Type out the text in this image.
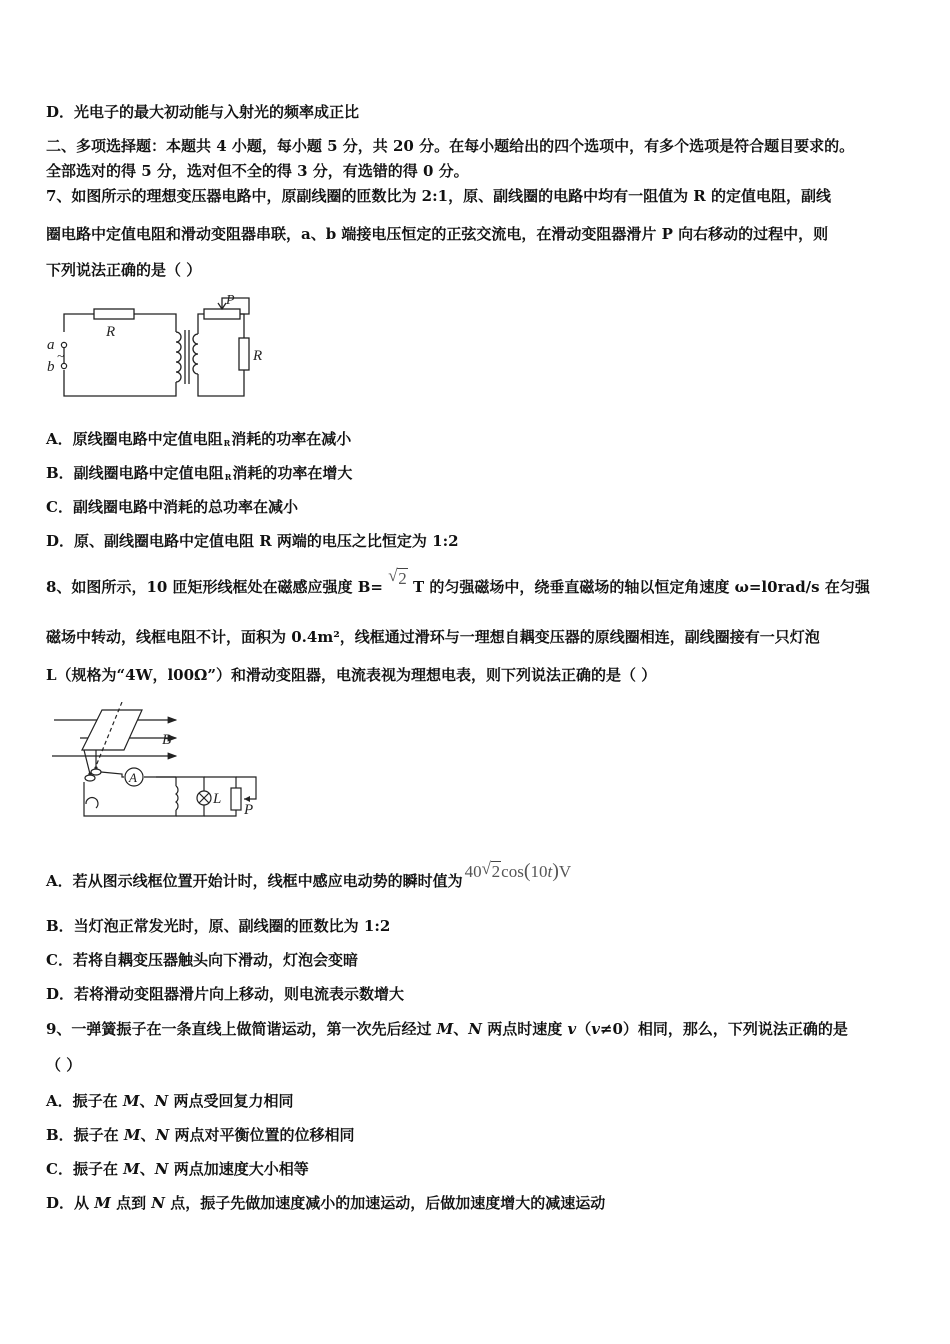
D．光电子的最大初动能与入射光的频率成正比
二、多项选择题：本题共 4 小题，每小题 5 分，共 20 分。在每小题给出的四个选项中，有多个选项是符合题目要求的。
全部选对的得 5 分，选对但不全的得 3 分，有选错的得 0 分。
7、如图所示的理想变压器电路中，原副线圈的匝数比为 2:1，原、副线圈的电路中均有一阻值为 R 的定值电阻，副线
圈电路中定值电阻和滑动变阻器串联，a、b 端接电压恒定的正弦交流电，在滑动变阻器滑片 P 向右移动的过程中，则
下列说法正确的是（ ）
R
a
b
~
P
R
A．原线圈电路中定值电阻$_R$消耗的功率在减小
B．副线圈电路中定值电阻$_R$消耗的功率在增大
C．副线圈电路中消耗的总功率在减小
D．原、副线圈电路中定值电阻 R 两端的电压之比恒定为 1:2
8、如图所示，10 匝矩形线框处在磁感应强度 B=
√ 2 T 的匀强磁场中，绕垂直磁场的轴以恒定角速度 ω=l0rad/s 在匀强
磁场中转动，线框电阻不计，面积为 0.4m²，线框通过滑环与一理想自耦变压器的原线圈相连，副线圈接有一只灯泡
L（规格为“4W，l00Ω”）和滑动变阻器，电流表视为理想电表，则下列说法正确的是（ ）
A
B
L
P
A．若从图示线框位置开始计时，线框中感应电动势的瞬时值为 40 √ 2cos(10t)V
B．当灯泡正常发光时，原、副线圈的匝数比为 1:2
C．若将自耦变压器触头向下滑动，灯泡会变暗
D．若将滑动变阻器滑片向上移动，则电流表示数增大
9、一弹簧振子在一条直线上做简谐运动，第一次先后经过 M、N 两点时速度 v（v≠0）相同，那么，下列说法正确的是
（ ）
A．振子在 M、N 两点受回复力相同
B．振子在 M、N 两点对平衡位置的位移相同
C．振子在 M、N 两点加速度大小相等
D．从 M 点到 N 点，振子先做加速度减小的加速运动，后做加速度增大的减速运动
